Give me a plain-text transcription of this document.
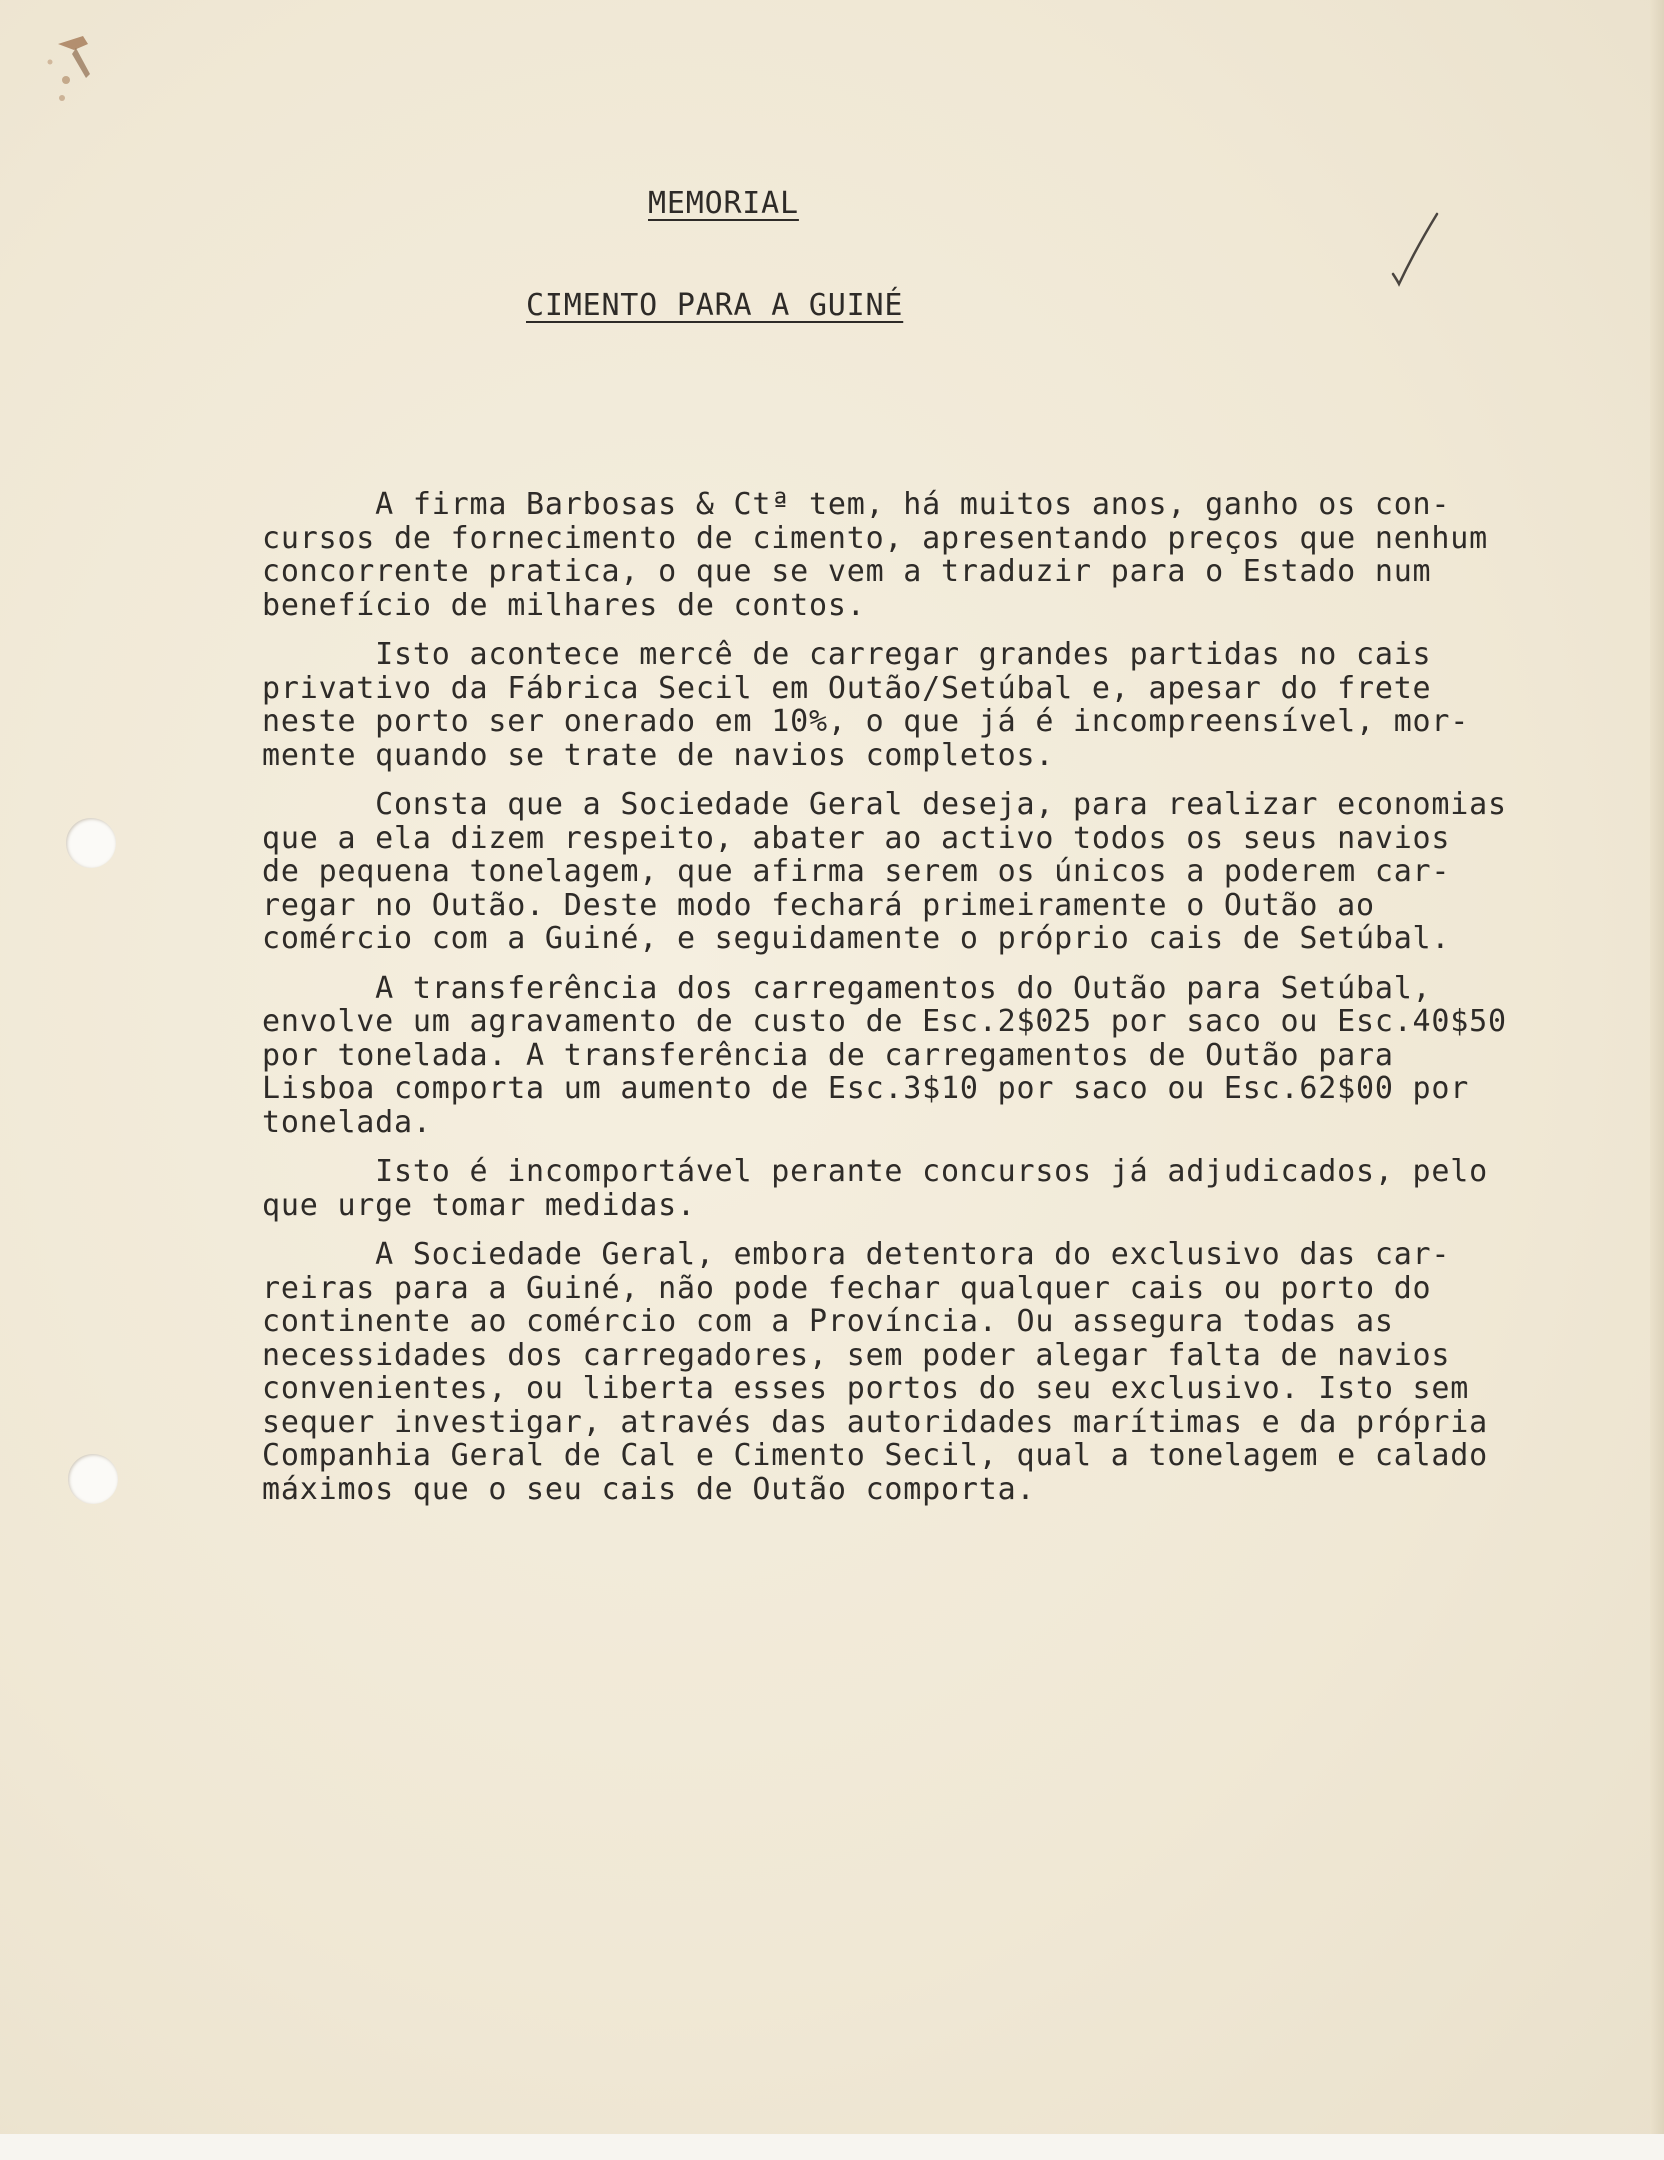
MEMORIAL
CIMENTO PARA A GUINÉ
A firma Barbosas & Ctª tem, há muitos anos, ganho os con-
cursos de fornecimento de cimento, apresentando preços que nenhum
concorrente pratica, o que se vem a traduzir para o Estado num
benefício de milhares de contos.
Isto acontece mercê de carregar grandes partidas no cais
privativo da Fábrica Secil em Outão/Setúbal e, apesar do frete
neste porto ser onerado em 10%, o que já é incompreensível, mor-
mente quando se trate de navios completos.
Consta que a Sociedade Geral deseja, para realizar economias
que a ela dizem respeito, abater ao activo todos os seus navios
de pequena tonelagem, que afirma serem os únicos a poderem car-
regar no Outão. Deste modo fechará primeiramente o Outão ao
comércio com a Guiné, e seguidamente o próprio cais de Setúbal.
A transferência dos carregamentos do Outão para Setúbal,
envolve um agravamento de custo de Esc.2$025 por saco ou Esc.40$50
por tonelada. A transferência de carregamentos de Outão para
Lisboa comporta um aumento de Esc.3$10 por saco ou Esc.62$00 por
tonelada.
Isto é incomportável perante concursos já adjudicados, pelo
que urge tomar medidas.
A Sociedade Geral, embora detentora do exclusivo das car-
reiras para a Guiné, não pode fechar qualquer cais ou porto do
continente ao comércio com a Província. Ou assegura todas as
necessidades dos carregadores, sem poder alegar falta de navios
convenientes, ou liberta esses portos do seu exclusivo. Isto sem
sequer investigar, através das autoridades marítimas e da própria
Companhia Geral de Cal e Cimento Secil, qual a tonelagem e calado
máximos que o seu cais de Outão comporta.
